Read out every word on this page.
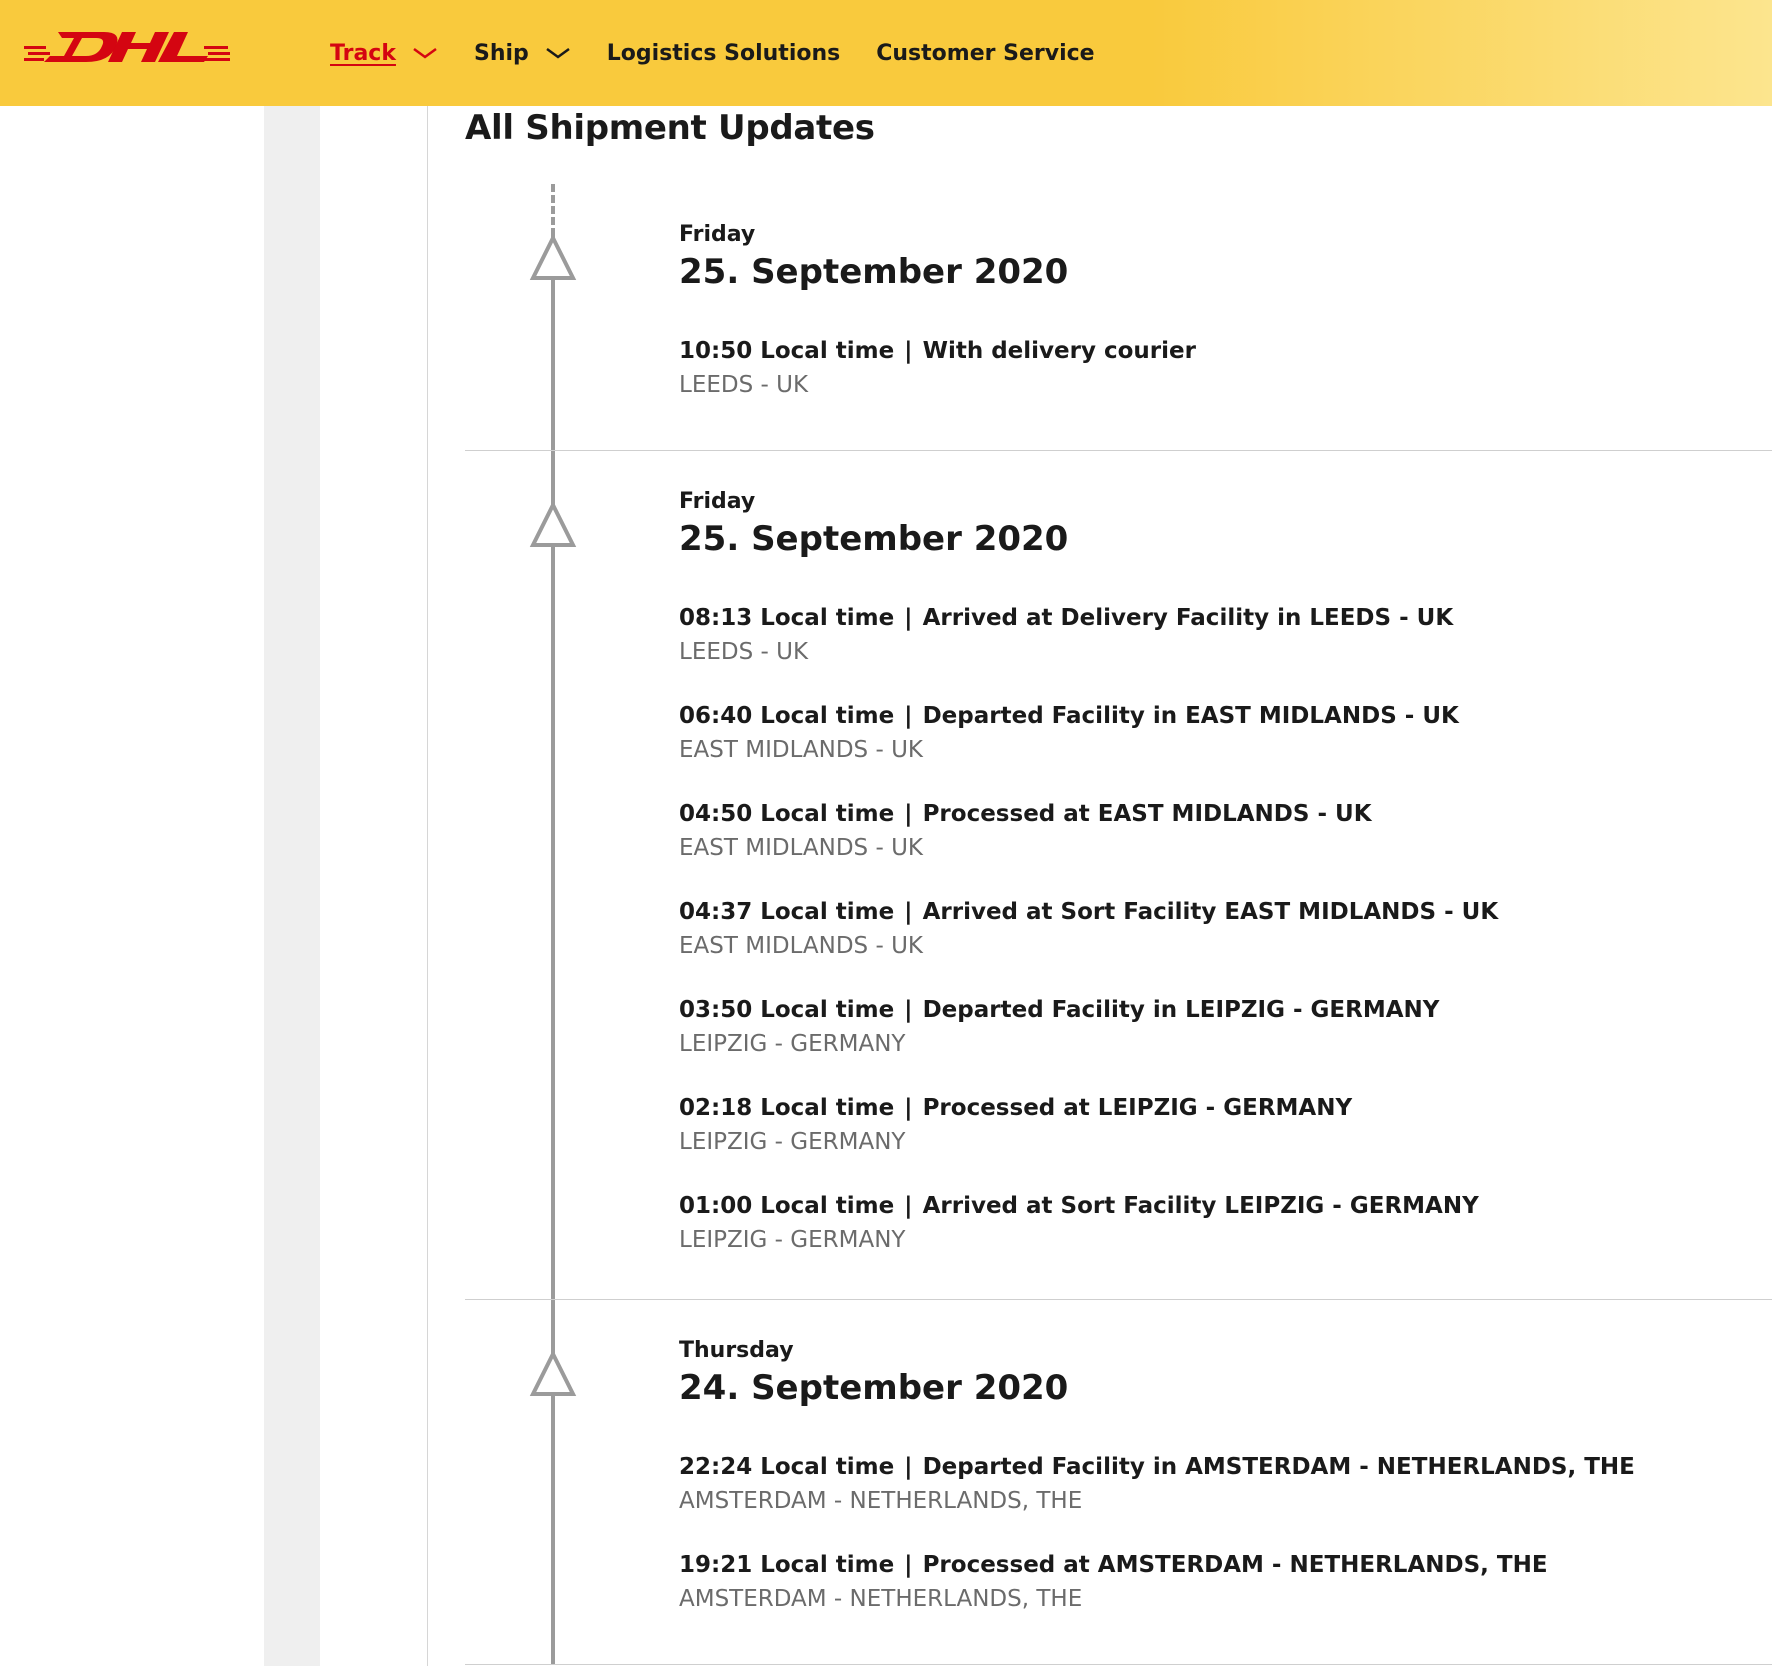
Track	Ship	Logistics Solutions Customer Service
All Shipment Updates
Friday
25. September 2020
10:50 Local time | With delivery courier
LEEDS - UK
Friday
25. September 2020
08:13 Local time | Arrived at Delivery Facility in LEEDS - UK
LEEDS - UK
06:40 Local time | Departed Facility in EAST MIDLANDS - UK
EAST MIDLANDS - UK
04:50 Local time | Processed at EAST MIDLANDS - UK
EAST MIDLANDS - UK
04:37 Local time | Arrived at Sort Facility EAST MIDLANDS - UK
EAST MIDLANDS - UK
03:50 Local time | Departed Facility in LEIPZIG - GERMANY
LEIPZIG - GERMANY
02:18 Local time | Processed at LEIPZIG - GERMANY
LEIPZIG - GERMANY
01:00 Local time | Arrived at Sort Facility LEIPZIG - GERMANY
LEIPZIG - GERMANY
Thursday
24. September 2020
22:24 Local time | Departed Facility in AMSTERDAM - NETHERLANDS, THE
AMSTERDAM - NETHERLANDS, THE
19:21 Local time | Processed at AMSTERDAM - NETHERLANDS, THE
AMSTERDAM - NETHERLANDS, THE
